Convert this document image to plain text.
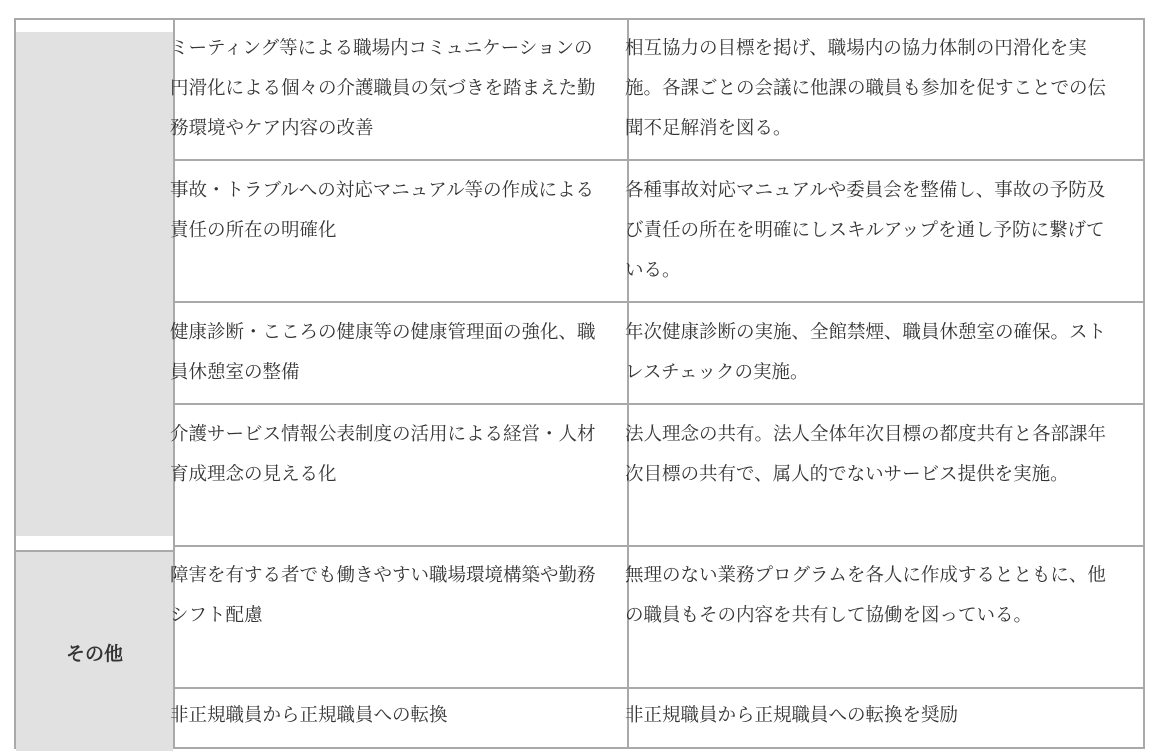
その他
ミーティング等による職場内コミュニケーションの円滑化による個々の介護職員の気づきを踏まえた勤務環境やケア内容の改善
相互協力の目標を掲げ、職場内の協力体制の円滑化を実施。各課ごとの会議に他課の職員も参加を促すことでの伝聞不足解消を図る。
事故・トラブルへの対応マニュアル等の作成による責任の所在の明確化
各種事故対応マニュアルや委員会を整備し、事故の予防及び責任の所在を明確にしスキルアップを通し予防に繋げている。
健康診断・こころの健康等の健康管理面の強化、職員休憩室の整備
年次健康診断の実施、全館禁煙、職員休憩室の確保。ストレスチェックの実施。
介護サービス情報公表制度の活用による経営・人材育成理念の見える化
法人理念の共有。法人全体年次目標の都度共有と各部課年次目標の共有で、属人的でないサービス提供を実施。
障害を有する者でも働きやすい職場環境構築や勤務シフト配慮
無理のない業務プログラムを各人に作成するとともに、他の職員もその内容を共有して協働を図っている。
非正規職員から正規職員への転換	非正規職員から正規職員への転換を奨励
